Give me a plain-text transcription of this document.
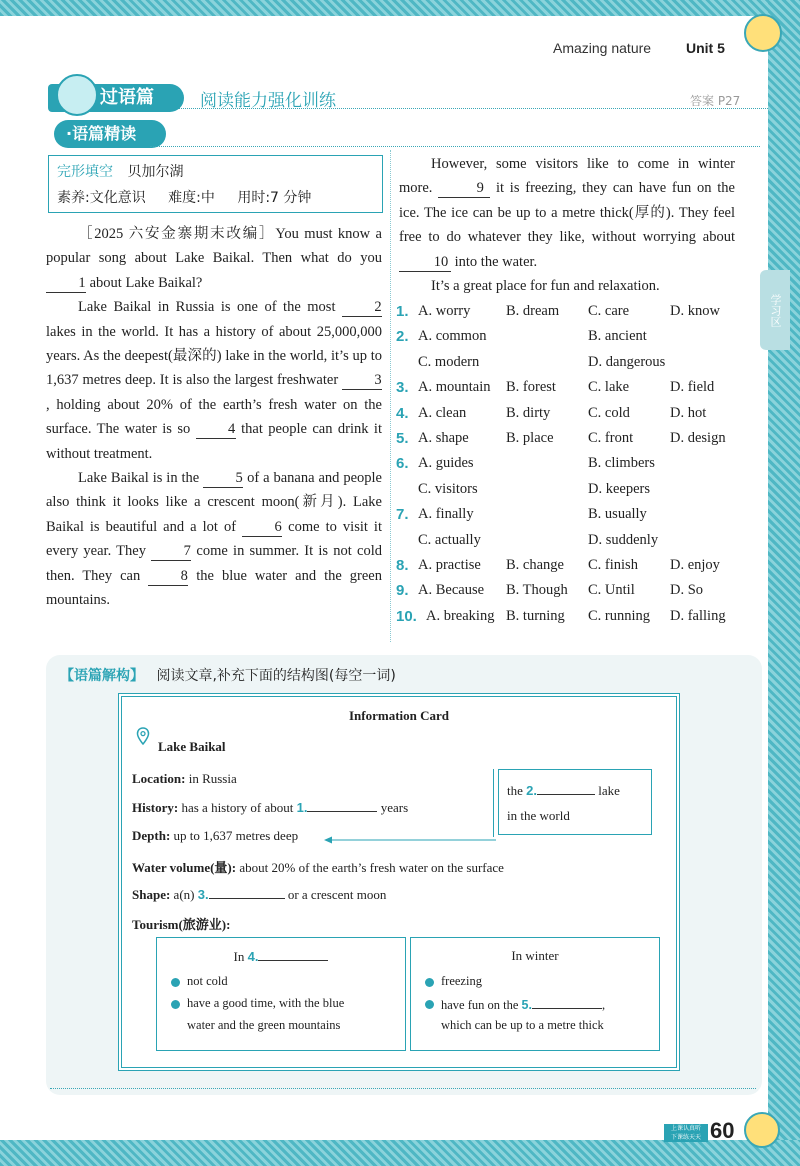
学习区
Amazing nature Unit 5
过语篇	阅读能力强化训练	答案 P27
·语篇精读
完形填空 贝加尔湖
素养:文化意识 难度:中 用时:7 分钟

［2025 六安金寨期末改编］You must know a popular song about Lake Baikal. Then what do you 1 about Lake Baikal?

Lake Baikal in Russia is one of the most 2 lakes in the world. It has a history of about 25,000,000 years. As the deepest(最深的) lake in the world, it’s up to 1,637 metres deep. It is also the largest freshwater 3, holding about 20% of the earth’s fresh water on the surface. The water is so 4 that people can drink it without treatment.

Lake Baikal is in the 5 of a banana and people also think it looks like a crescent moon(新月). Lake Baikal is beautiful and a lot of 6 come to visit it every year. They 7 come in summer. It is not cold then. They can 8 the blue water and the green mountains.

However, some visitors like to come in winter more.	9 it is freezing, they can have fun on the ice. The ice can be up to a metre thick(厚的). They feel free to do whatever they like, without worrying about 10 into the water.

It’s a great place for fun and relaxation.

1. A. worry B. dream C. care	D. know
2. A. common	B. ancient
C. modern	D. dangerous
3. A. mountain B. forest C. lake	D. field
4. A. clean	B. dirty	C. cold	D. hot
5. A. shape	B. place C. front	D. design
6. A. guides	B. climbers
C. visitors	D. keepers
7. A. finally	B. usually
C. actually	D. suddenly
8. A. practise B. change C. finish D. enjoy
9. A. Because B. Though C. Until D. So
10. A. breaking B. turning C. running D. falling
【语篇解构】 阅读文章,补充下面的结构图(每空一词)
Information Card
Lake Baikal
Location: in Russia
History: has a history of about 1.	years
Depth: up to 1,637 metres deep
the 2.	lake
in the world
Water volume(量): about 20% of the earth’s fresh water on the surface
Shape: a(n) 3.	or a crescent moon
Tourism(旅游业):
In 4.
not cold
have a good time, with the blue
water and the green mountains
In winter
freezing
have fun on the 5.	,
which can be up to a metre thick
上课认真听
下课练天天 60
